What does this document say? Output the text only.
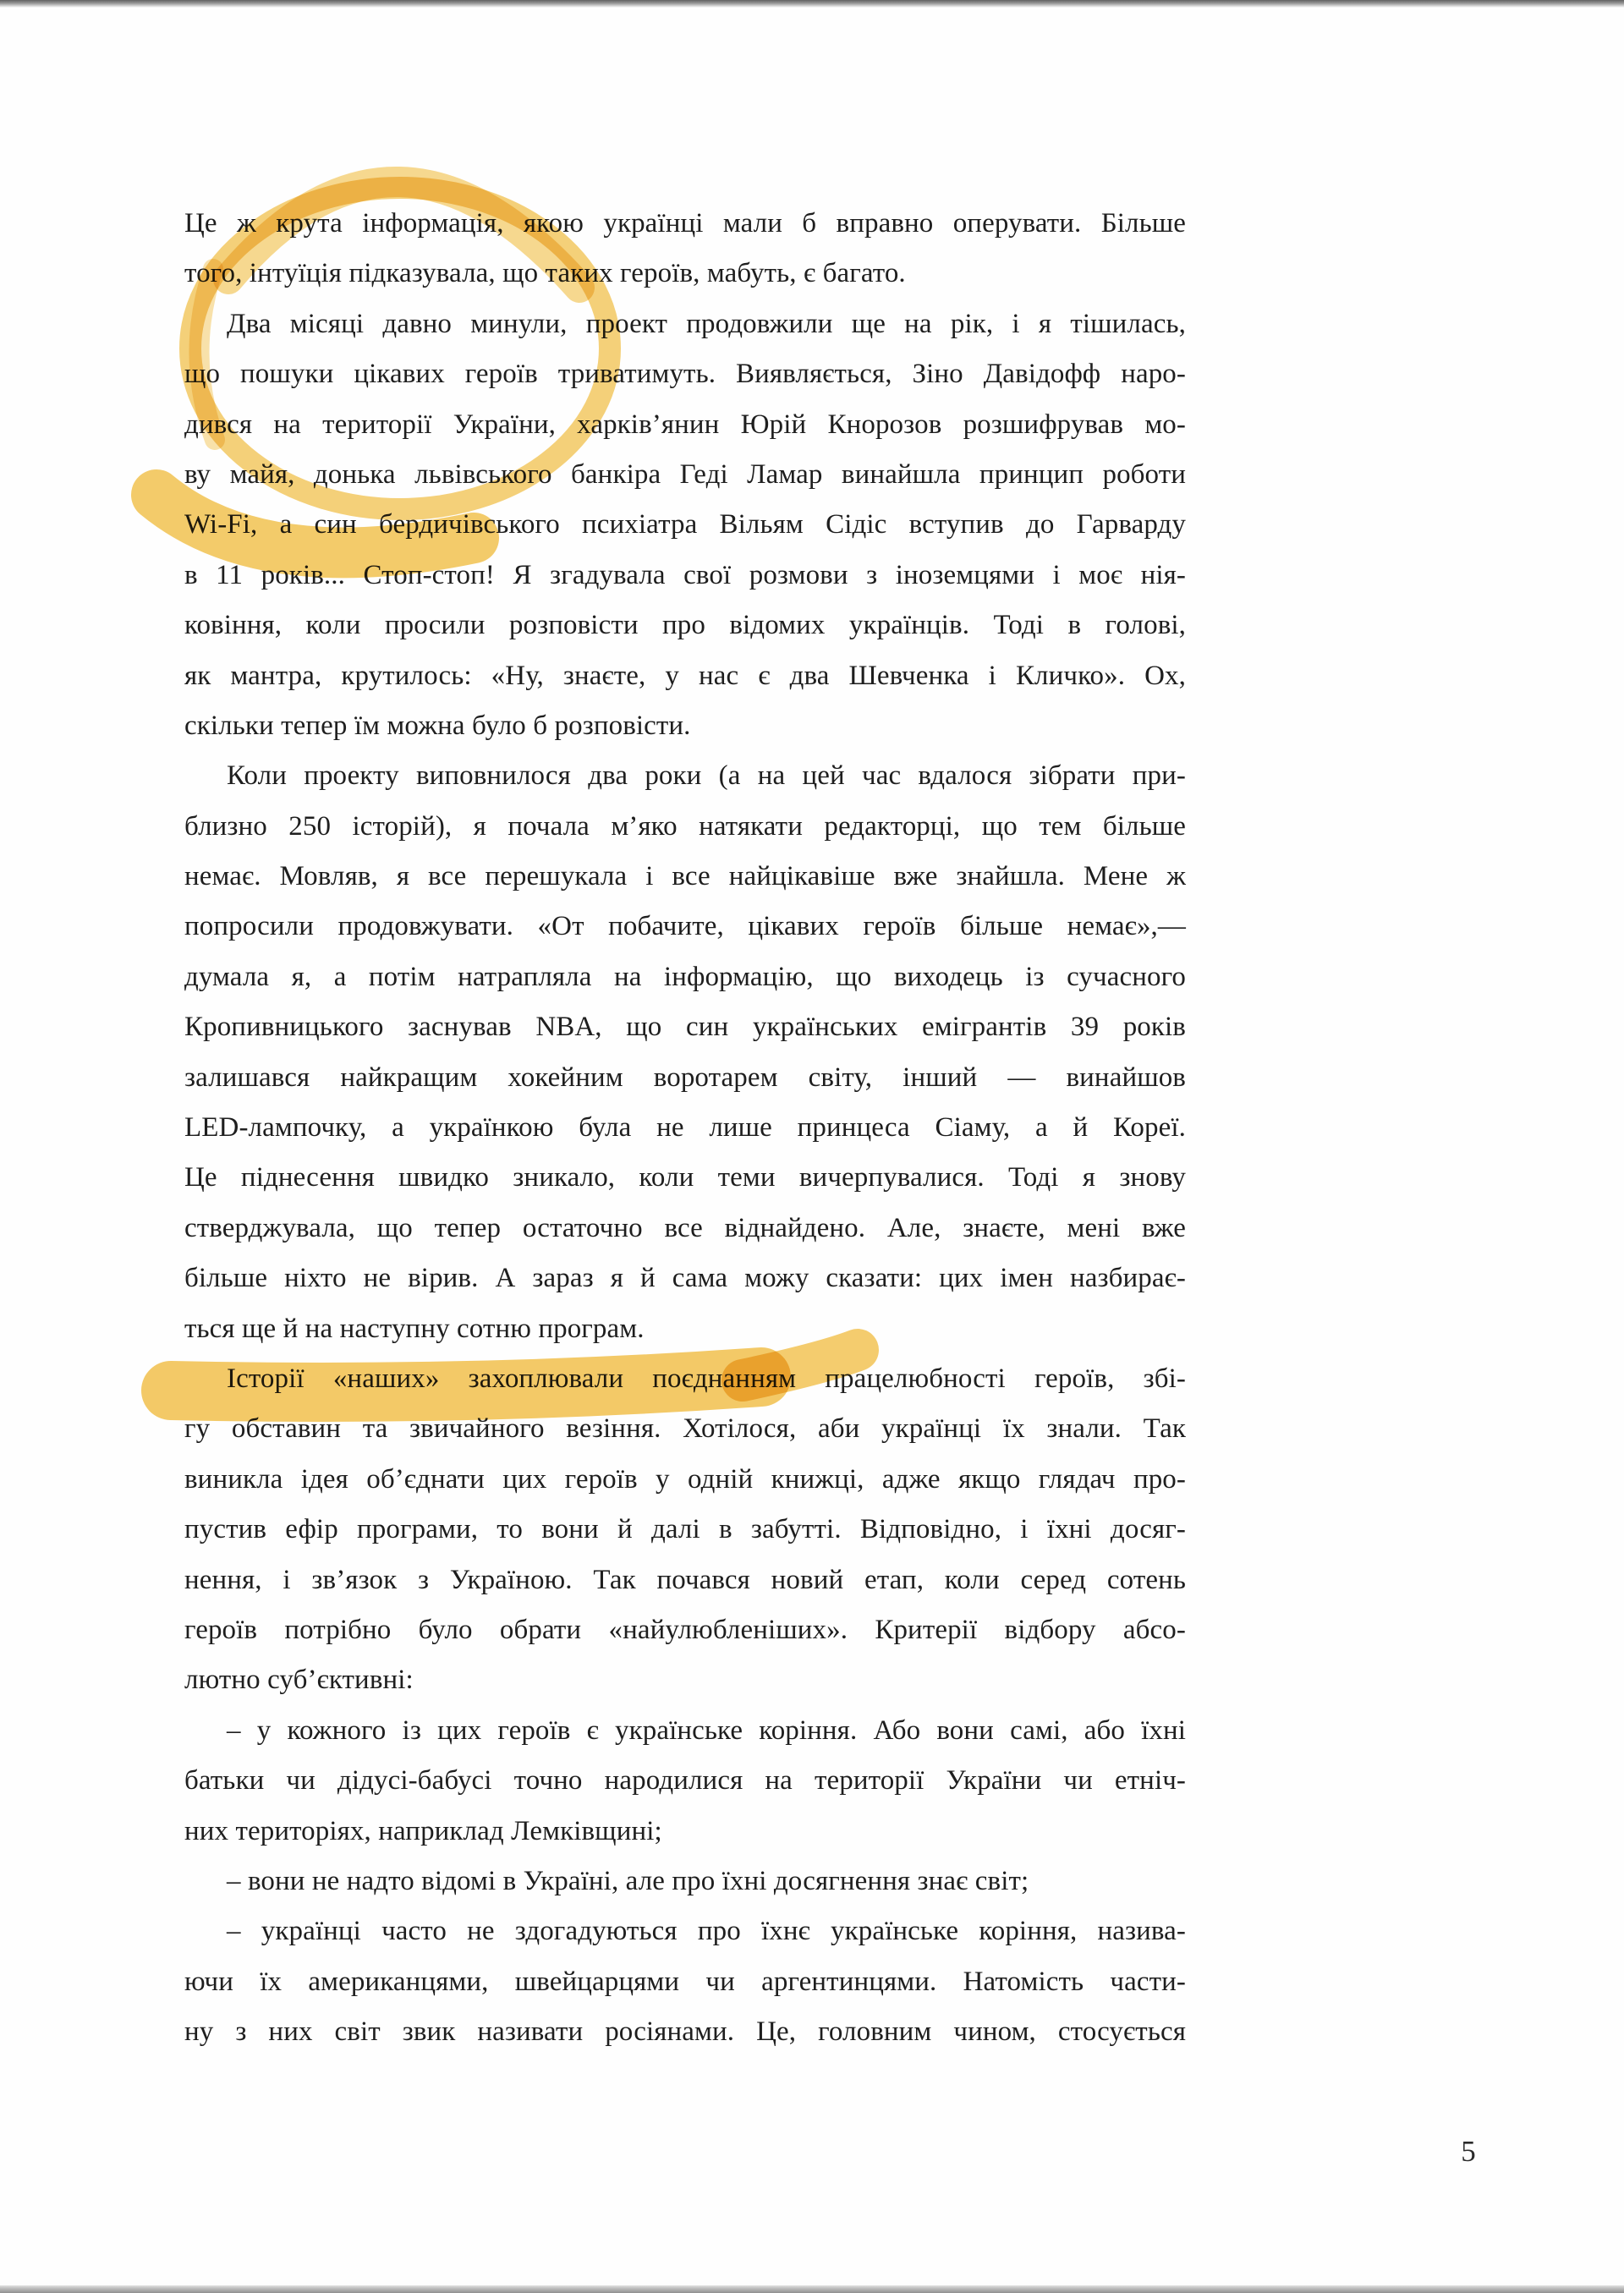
Це ж крута інформація, якою українці мали б вправно оперувати. Більше
того, інтуїція підказувала, що таких героїв, мабуть, є багато.
Два місяці давно минули, проект продовжили ще на рік, і я тішилась,
що пошуки цікавих героїв триватимуть. Виявляється, Зіно Давідофф наро-
дився на території України, харків’янин Юрій Кнорозов розшифрував мо-
ву майя, донька львівського банкіра Геді Ламар винайшла принцип роботи
Wi-Fi, а син бердичівського психіатра Вільям Сідіс вступив до Гарварду
в 11 років... Стоп-стоп! Я згадувала свої розмови з іноземцями і моє нія-
ковіння, коли просили розповісти про відомих українців. Тоді в голові,
як мантра, крутилось: «Ну, знаєте, у нас є два Шевченка і Кличко». Ох,
скільки тепер їм можна було б розповісти.
Коли проекту виповнилося два роки (а на цей час вдалося зібрати при-
близно 250 історій), я почала м’яко натякати редакторці, що тем більше
немає. Мовляв, я все перешукала і все найцікавіше вже знайшла. Мене ж
попросили продовжувати. «От побачите, цікавих героїв більше немає»,—
думала я, а потім натрапляла на інформацію, що виходець із сучасного
Кропивницького заснував NBA, що син українських емігрантів 39 років
залишався найкращим хокейним воротарем світу, інший — винайшов
LED-лампочку, а українкою була не лише принцеса Сіаму, а й Кореї.
Це піднесення швидко зникало, коли теми вичерпувалися. Тоді я знову
стверджувала, що тепер остаточно все віднайдено. Але, знаєте, мені вже
більше ніхто не вірив. А зараз я й сама можу сказати: цих імен назбирає-
ться ще й на наступну сотню програм.
Історії «наших» захоплювали поєднанням працелюбності героїв, збі-
гу обставин та звичайного везіння. Хотілося, аби українці їх знали. Так
виникла ідея об’єднати цих героїв у одній книжці, адже якщо глядач про-
пустив ефір програми, то вони й далі в забутті. Відповідно, і їхні досяг-
нення, і зв’язок з Україною. Так почався новий етап, коли серед сотень
героїв потрібно було обрати «найулюбленіших». Критерії відбору абсо-
лютно суб’єктивні:
– у кожного із цих героїв є українське коріння. Або вони самі, або їхні
батьки чи дідусі-бабусі точно народилися на території України чи етніч-
них територіях, наприклад Лемківщині;
– вони не надто відомі в Україні, але про їхні досягнення знає світ;
– українці часто не здогадуються про їхнє українське коріння, назива-
ючи їх американцями, швейцарцями чи аргентинцями. Натомість части-
ну з них світ звик називати росіянами. Це, головним чином, стосується
5
